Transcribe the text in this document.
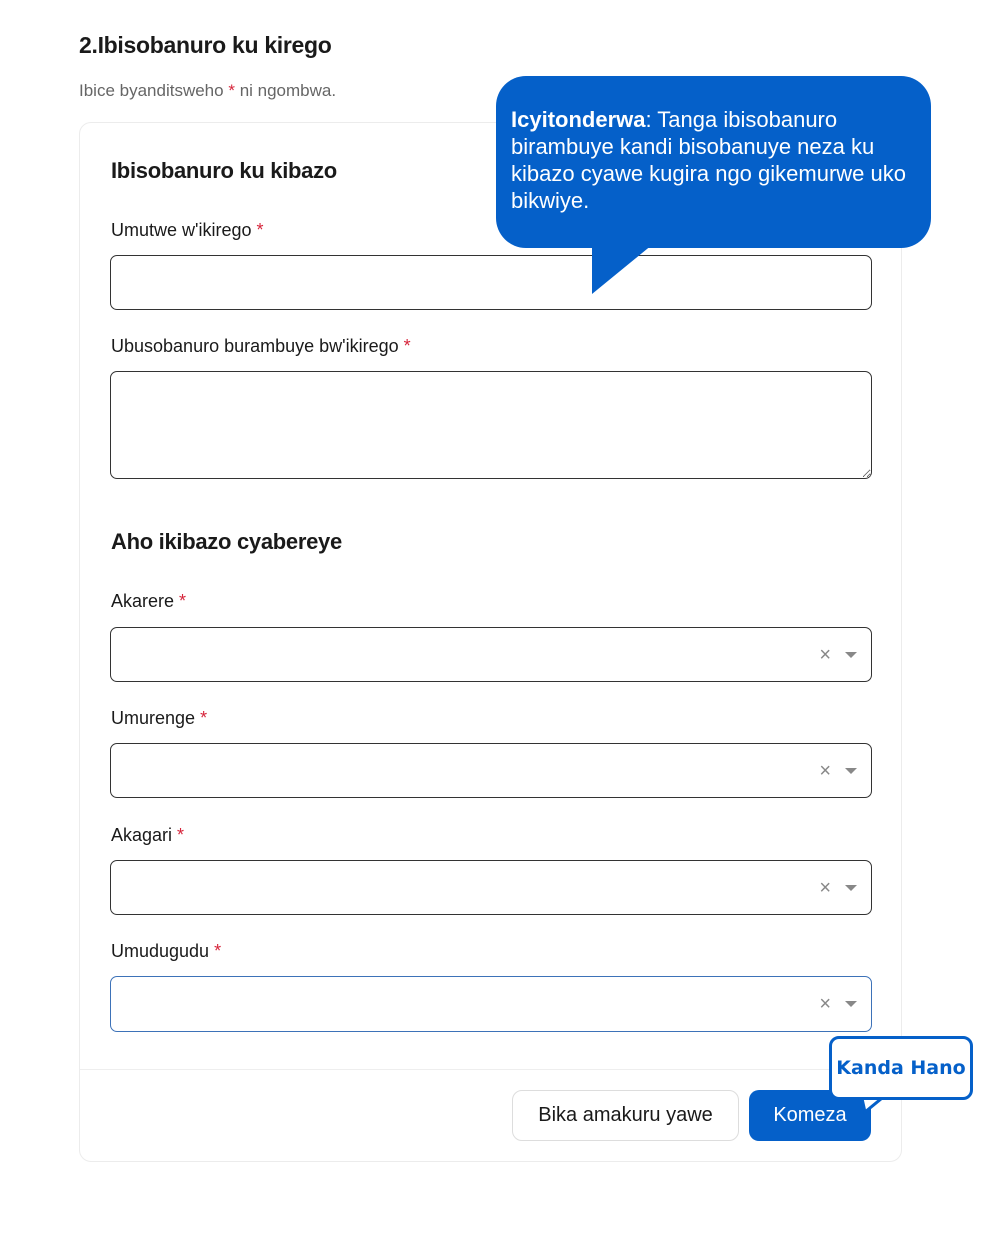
2.Ibisobanuro ku kirego
Ibice byanditsweho * ni ngombwa.
Ibisobanuro ku kibazo
Umutwe w'ikirego *
Ubusobanuro burambuye bw'ikirego *
Aho ikibazo cyabereye
Akarere *
×
Umurenge *
×
Akagari *
×
Umudugudu *
×
Bika amakuru yawe	Komeza
Icyitonderwa: Tanga ibisobanuro birambuye kandi bisobanuye neza ku kibazo cyawe kugira ngo gikemurwe uko bikwiye.
Kanda Hano
